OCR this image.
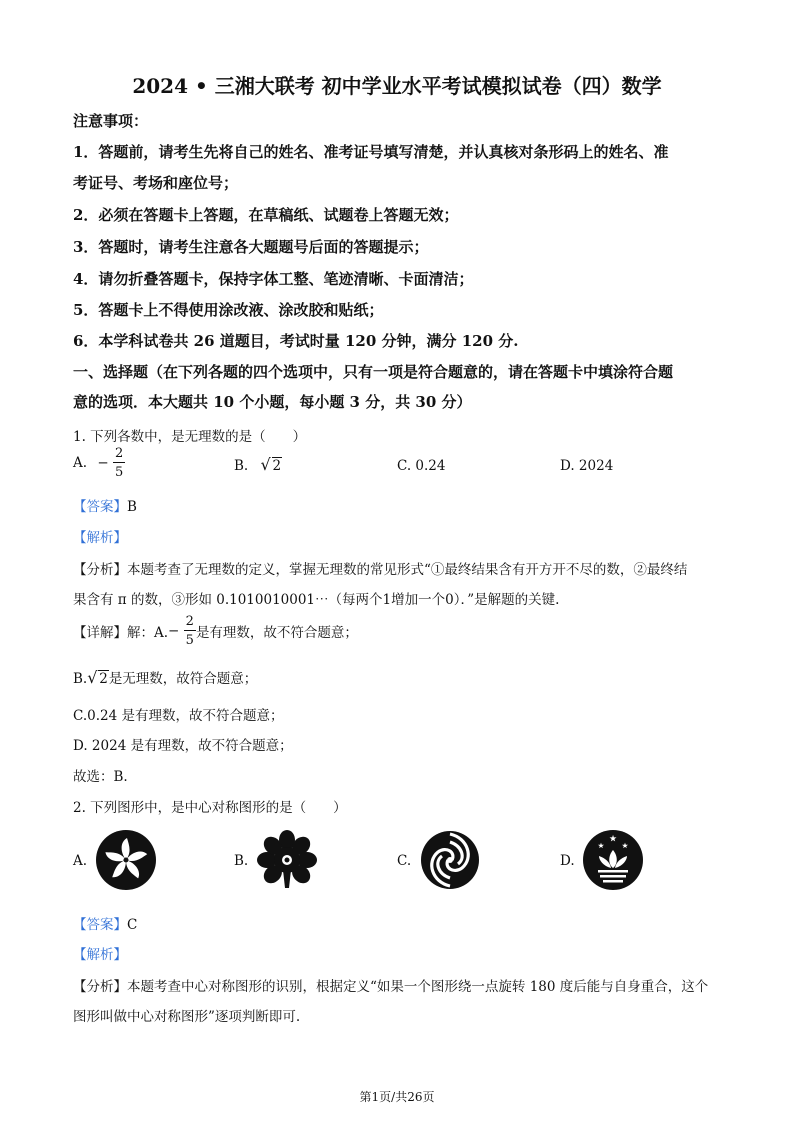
2024 • 三湘大联考 初中学业水平考试模拟试卷（四）数学
注意事项：
1．答题前，请考生先将自己的姓名、准考证号填写清楚，并认真核对条形码上的姓名、准
考证号、考场和座位号；
2．必须在答题卡上答题，在草稿纸、试题卷上答题无效；
3．答题时，请考生注意各大题题号后面的答题提示；
4．请勿折叠答题卡，保持字体工整、笔迹清晰、卡面清洁；
5．答题卡上不得使用涂改液、涂改胶和贴纸；
6．本学科试卷共 26 道题目，考试时量 120 分钟，满分 120 分.
一、选择题（在下列各题的四个选项中，只有一项是符合题意的，请在答题卡中填涂符合题
意的选项．本大题共 10 个小题，每小题 3 分，共 30 分）
1. 下列各数中，是无理数的是（　　）
A. − $\frac{2}{5}$	B. √ 2	C. 0.24	D. 2024
【答案】B
【解析】
【分析】本题考查了无理数的定义，掌握无理数的常见形式“①最终结果含有开方开不尽的数，②最终结
果含有 π 的数，③形如 0.1010010001⋯（每两个1增加一个0）．”是解题的关键.
【详解】解：$A.- \frac{2}{5}$ 是有理数，故不符合题意；
B. √ 2是无理数，故符合题意；
C.0.24 是有理数，故不符合题意；
D. 2024 是有理数，故不符合题意；
故选：B.
2. 下列图形中，是中心对称图形的是（　　）
A.	B.	C.	D.
【答案】C
【解析】
【分析】本题考查中心对称图形的识别，根据定义“如果一个图形绕一点旋转 180 度后能与自身重合，这个
图形叫做中心对称图形”逐项判断即可.
第1页/共26页
